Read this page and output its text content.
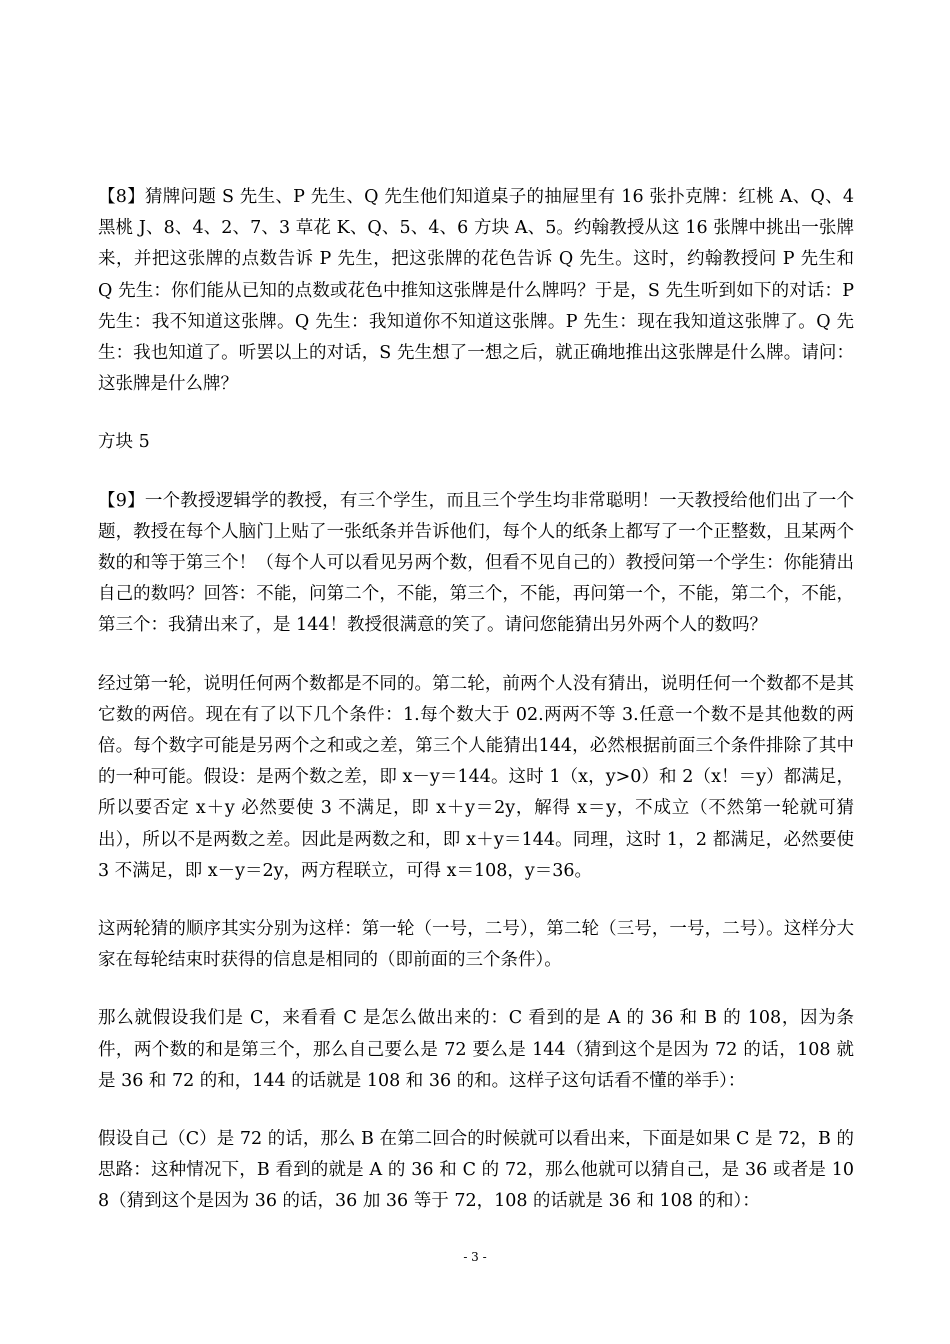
【8】猜牌问题 S 先生、P 先生、Q 先生他们知道桌子的抽屉里有 16 张扑克牌：红桃 A、Q、4 黑桃 J、8、4、2、7、3 草花 K、Q、5、4、6 方块 A、5。约翰教授从这 16 张牌中挑出一张牌来，并把这张牌的点数告诉 P 先生，把这张牌的花色告诉 Q 先生。这时，约翰教授问 P 先生和 Q 先生：你们能从已知的点数或花色中推知这张牌是什么牌吗？于是，S 先生听到如下的对话：P 先生：我不知道这张牌。Q 先生：我知道你不知道这张牌。P 先生：现在我知道这张牌了。Q 先生：我也知道了。听罢以上的对话，S 先生想了一想之后，就正确地推出这张牌是什么牌。请问：这张牌是什么牌？

方块 5

【9】一个教授逻辑学的教授，有三个学生，而且三个学生均非常聪明！一天教授给他们出了一个题，教授在每个人脑门上贴了一张纸条并告诉他们，每个人的纸条上都写了一个正整数，且某两个数的和等于第三个！（每个人可以看见另两个数，但看不见自己的）教授问第一个学生：你能猜出自己的数吗？回答：不能，问第二个，不能，第三个，不能，再问第一个，不能，第二个，不能，第三个：我猜出来了，是 144！教授很满意的笑了。请问您能猜出另外两个人的数吗？

经过第一轮，说明任何两个数都是不同的。第二轮，前两个人没有猜出，说明任何一个数都不是其它数的两倍。现在有了以下几个条件：1.每个数大于 02.两两不等 3.任意一个数不是其他数的两倍。每个数字可能是另两个之和或之差，第三个人能猜出144，必然根据前面三个条件排除了其中的一种可能。假设：是两个数之差，即 x－y＝144。这时 1（x，y>0）和 2（x！＝y）都满足，所以要否定 x＋y 必然要使 3 不满足，即 x＋y＝2y，解得 x＝y，不成立（不然第一轮就可猜出），所以不是两数之差。因此是两数之和，即 x＋y＝144。同理，这时 1，2 都满足，必然要使 3 不满足，即 x－y＝2y，两方程联立，可得 x＝108，y＝36。

这两轮猜的顺序其实分别为这样：第一轮（一号，二号），第二轮（三号，一号，二号）。这样分大家在每轮结束时获得的信息是相同的（即前面的三个条件）。

那么就假设我们是 C，来看看 C 是怎么做出来的：C 看到的是 A 的 36 和 B 的 108，因为条件，两个数的和是第三个，那么自己要么是 72 要么是 144（猜到这个是因为 72 的话，108 就是 36 和 72 的和，144 的话就是 108 和 36 的和。这样子这句话看不懂的举手）：

假设自己（C）是 72 的话，那么 B 在第二回合的时候就可以看出来，下面是如果 C 是 72，B 的思路：这种情况下，B 看到的就是 A 的 36 和 C 的 72，那么他就可以猜自己，是 36 或者是 108（猜到这个是因为 36 的话，36 加 36 等于 72，108 的话就是 36 和 108 的和）：

- 3 -
